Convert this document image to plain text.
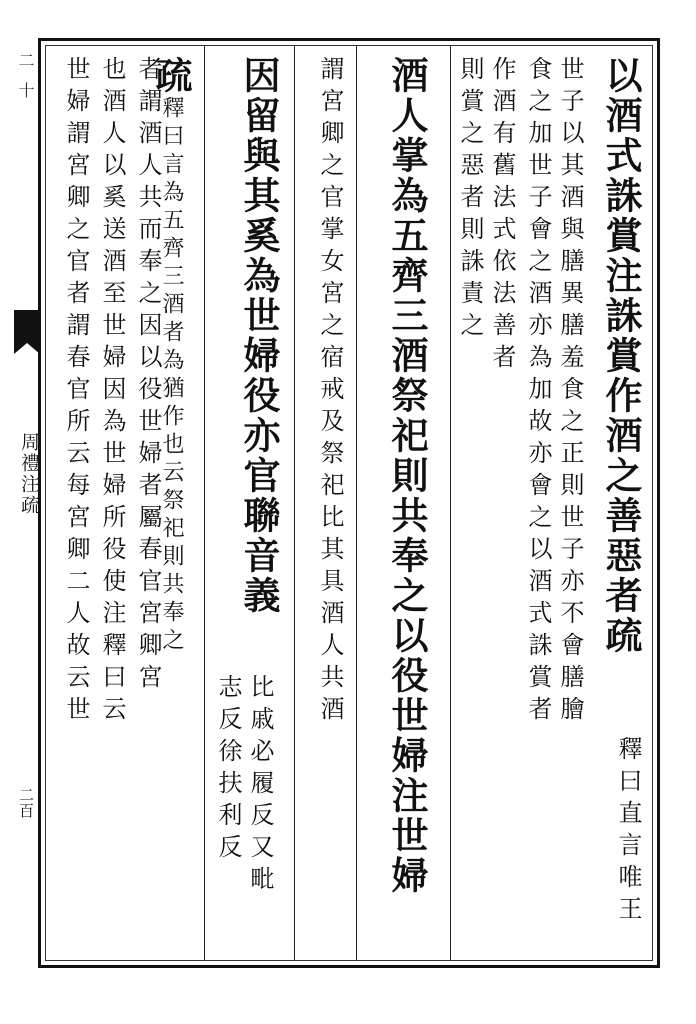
二十
周禮注疏
二百
以酒式誅賞注誅賞作酒之善惡者疏
釋曰直言唯王
世子以其酒與膳異膳羞食之正則世子亦不會膳膾
食之加世子會之酒亦為加故亦會之以酒式誅賞者
作酒有舊法式依法善者
則賞之惡者則誅責之
酒人掌為五齊三酒祭祀則共奉之以役世婦注世婦
謂宮卿之官掌女宮之宿戒及祭祀比其具酒人共酒
因留與其奚為世婦役亦官聯音義
比戚必履反又毗
志反徐扶利反
疏釋曰言為五齊三酒者為猶作也云祭祀則共奉之
者謂酒人共而奉之因以役世婦者屬春官宮卿宮
也酒人以奚送酒至世婦因為世婦所役使注釋曰云
世婦謂宮卿之官者謂春官所云每宮卿二人故云世
